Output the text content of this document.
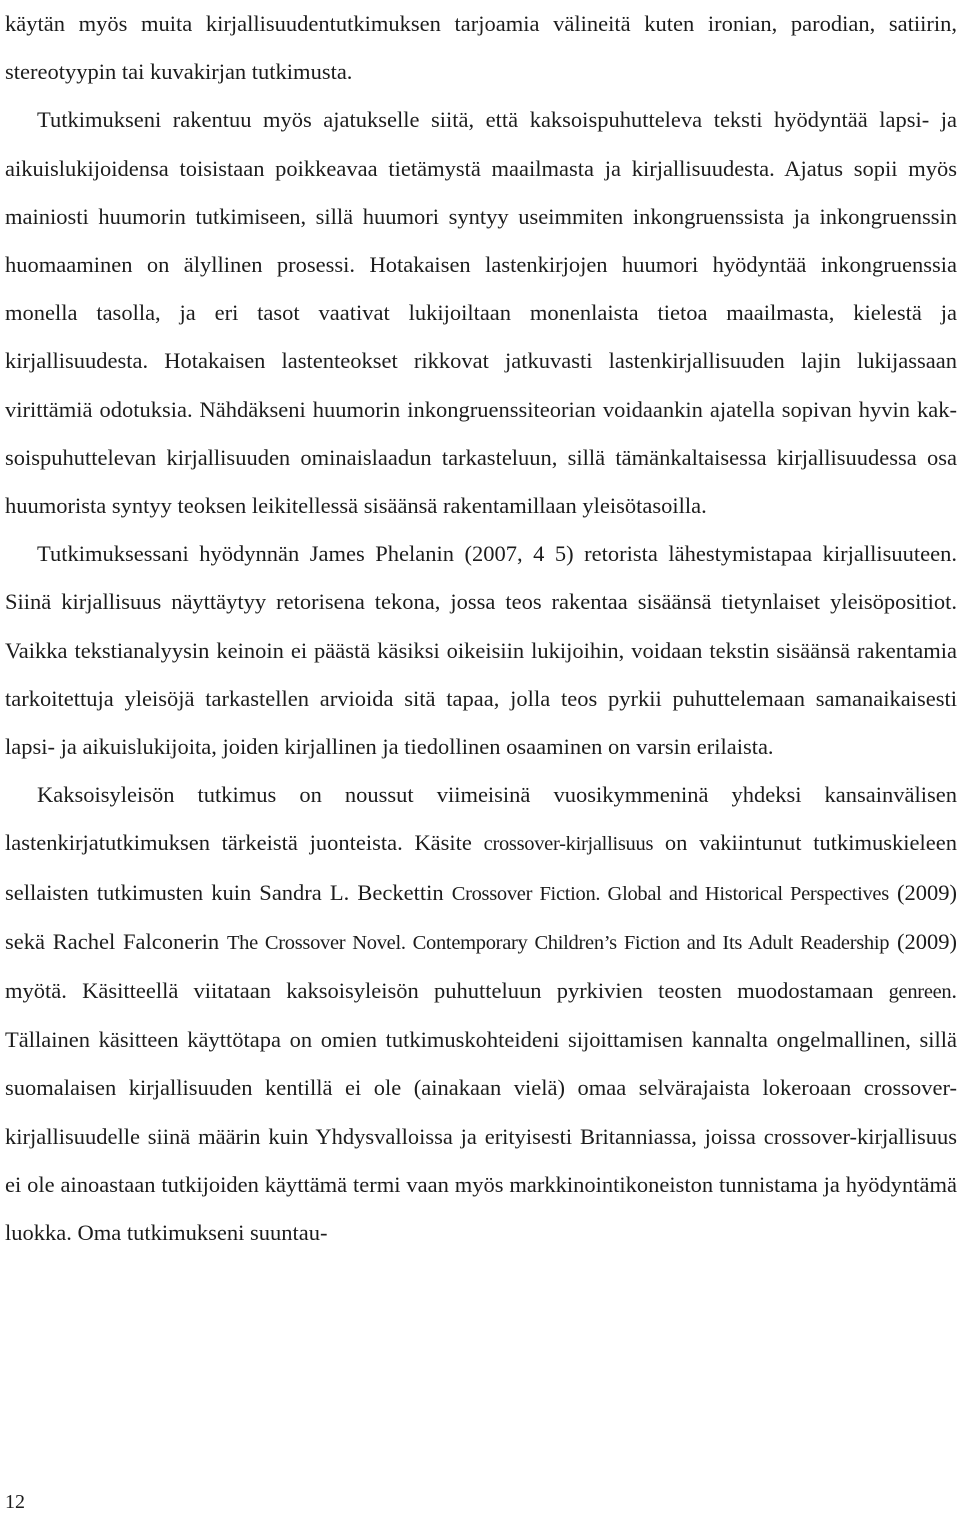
käytän myös muita kirjallisuudentutkimuksen tarjoamia välineitä kuten ironian, parodian, satiirin, stereotyypin tai kuvakirjan tutkimusta.

Tutkimukseni rakentuu myös ajatukselle siitä, että kaksoispuhutteleva teksti hyödyntää lapsi- ja aikuislukijoidensa toisistaan poikkeavaa tietämystä maailmasta ja kirjallisuudesta. Ajatus sopii myös mainiosti huumorin tutkimiseen, sillä huumori syntyy useimmiten inkongruenssista ja inkongruenssin huomaaminen on älyllinen prosessi. Hotakaisen lastenkirjojen huumori hyödyntää inkongruenssia monella tasolla, ja eri tasot vaativat lukijoiltaan monenlaista tietoa maailmasta, kielestä ja kirjallisuudesta. Hotakaisen lastenteokset rikkovat jatkuvasti lastenkirjallisuuden lajin lukijassaan virittämiä odotuksia. Nähdäkseni huumorin inkongruenssiteorian voidaankin ajatella sopivan hyvin kaksoispuhuttelevan kirjallisuuden ominaislaadun tarkasteluun, sillä tämänkaltaisessa kirjallisuudessa osa huumorista syntyy teoksen leikitellessä sisäänsä rakentamillaan yleisötasoilla.

Tutkimuksessani hyödynnän James Phelanin (2007, 4 5) retorista lähestymistapaa kirjallisuuteen. Siinä kirjallisuus näyttäytyy retorisena tekona, jossa teos rakentaa sisäänsä tietynlaiset yleisöpositiot. Vaikka tekstianalyysin keinoin ei päästä käsiksi oikeisiin lukijoihin, voidaan tekstin sisäänsä rakentamia tarkoitettuja yleisöjä tarkastellen arvioida sitä tapaa, jolla teos pyrkii puhuttelemaan samanaikaisesti lapsi- ja aikuislukijoita, joiden kirjallinen ja tiedollinen osaaminen on varsin erilaista.

Kaksoisyleisön tutkimus on noussut viimeisinä vuosikymmeninä yhdeksi kansainvälisen lastenkirjatutkimuksen tärkeistä juonteista. Käsite crossover-kirjallisuus on vakiintunut tutkimuskieleen sellaisten tutkimusten kuin Sandra L. Beckettin Crossover Fiction. Global and Historical Perspectives (2009) sekä Rachel Falconerin The Crossover Novel. Contemporary Children’s Fiction and Its Adult Readership (2009) myötä. Käsitteellä viitataan kaksoisyleisön puhutteluun pyrkivien teosten muodostamaan genreen. Tällainen käsitteen käyttötapa on omien tutkimuskohteideni sijoittamisen kannalta ongelmallinen, sillä suomalaisen kirjallisuuden kentillä ei ole (ainakaan vielä) omaa selvärajaista lokeroaan crossover-kirjallisuudelle siinä määrin kuin Yhdysvalloissa ja erityisesti Britanniassa, joissa crossover-kirjallisuus ei ole ainoastaan tutkijoiden käyttämä termi vaan myös markkinointikoneiston tunnistama ja hyödyntämä luokka. Oma tutkimukseni suuntau-

12
